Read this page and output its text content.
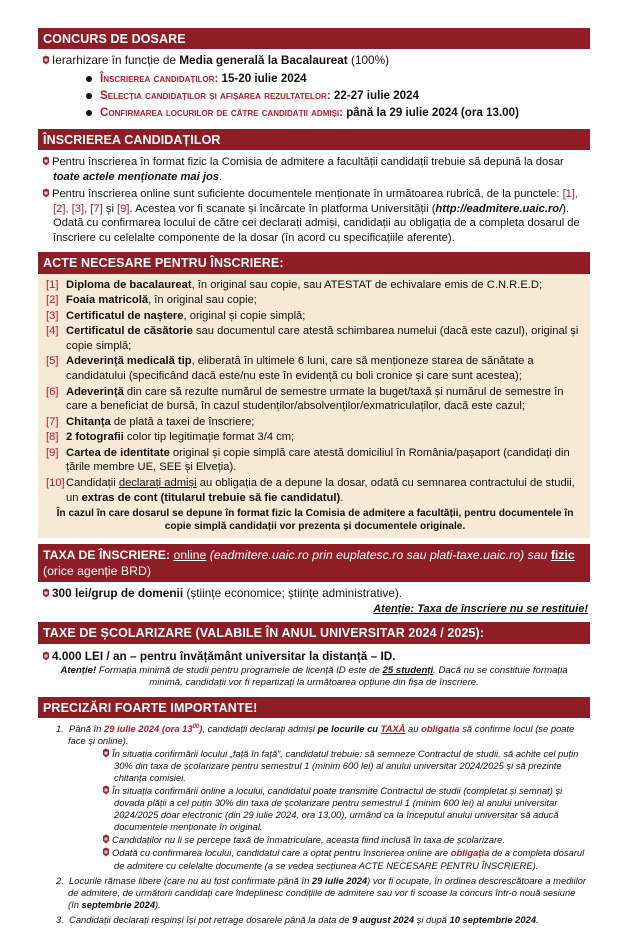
CONCURS DE DOSARE
Ierarhizare în funcție de Media generală la Bacalaureat (100%)
Înscrierea candidaților: 15-20 iulie 2024
Selecția candidaților și afișarea rezultatelor: 22-27 iulie 2024
Confirmarea locurilor de către candidații admiși: până la 29 iulie 2024 (ora 13.00)
ÎNSCRIEREA CANDIDAȚILOR
Pentru înscrierea în format fizic la Comisia de admitere a facultății candidații trebuie să depună la dosar toate actele menționate mai jos.
Pentru înscrierea online sunt suficiente documentele menționate în următoarea rubrică, de la punctele: [1], [2], [3], [7] și [9]. Acestea vor fi scanate și încărcate în platforma Universității (http://eadmitere.uaic.ro/). Odată cu confirmarea locului de către cei declarați admiși, candidații au obligația de a completa dosarul de înscriere cu celelalte componente de la dosar (în acord cu specificațiile aferente).
ACTE NECESARE PENTRU ÎNSCRIERE:
[1] Diploma de bacalaureat, în original sau copie, sau ATESTAT de echivalare emis de C.N.R.E.D;
[2] Foaia matricolă, în original sau copie;
[3] Certificatul de naștere, original și copie simplă;
[4] Certificatul de căsătorie sau documentul care atestă schimbarea numelui (dacă este cazul), original și copie simplă;
[5] Adeverință medicală tip, eliberată în ultimele 6 luni, care să menționeze starea de sănătate a candidatului (specificând dacă este/nu este în evidență cu boli cronice și care sunt acestea);
[6] Adeverință din care să rezulte numărul de semestre urmate la buget/taxă și numărul de semestre în care a beneficiat de bursă, în cazul studenților/absolvenților/exmatriculaților, dacă este cazul;
[7] Chitanța de plată a taxei de înscriere;
[8] 2 fotografii color tip legitimație format 3/4 cm;
[9] Cartea de identitate original și copie simplă care atestă domiciliul în România/pașaport (candidați din țările membre UE, SEE și Elveția).
[10] Candidații declarați admiși au obligația de a depune la dosar, odată cu semnarea contractului de studii, un extras de cont (titularul trebuie să fie candidatul).
În cazul în care dosarul se depune în format fizic la Comisia de admitere a facultății, pentru documentele în copie simplă candidații vor prezenta și documentele originale.
TAXA DE ÎNSCRIERE: online (eadmitere.uaic.ro prin euplatesc.ro sau plati-taxe.uaic.ro) sau fizic
(orice agenție BRD)
300 lei/grup de domenii (științe economice; științe administrative).
Atenție: Taxa de înscriere nu se restituie!
TAXE DE ȘCOLARIZARE (VALABILE ÎN ANUL UNIVERSITAR 2024 / 2025):
4.000 LEI / an – pentru învățământ universitar la distanță – ID.
Atenție! Formația minimă de studii pentru programele de licență ID este de 25 studenți. Dacă nu se constituie formația minimă, candidații vor fi repartizați la următoarea opțiune din fișa de înscriere.
PRECIZĂRI FOARTE IMPORTANTE!
1. Până în 29 iulie 2024 (ora $13^{00}$), candidații declarați admiși pe locurile cu TAXĂ au obligația să confirme locul (se poate face și online).
În situația confirmării locului „față în față”, candidatul trebuie: să semneze Contractul de studii, să achite cel puțin 30% din taxa de școlarizare pentru semestrul 1 (minim 600 lei) al anului universitar 2024/2025 și să prezinte chitanța comisiei.
În situația confirmării online a locului, candidatul poate transmite Contractul de studii (completat și semnat) și dovada plății a cel puțin 30% din taxa de școlarizare pentru semestrul 1 (minim 600 lei) al anului universitar 2024/2025 doar electronic (din 29 iulie 2024, ora 13.00), urmând ca la începutul anului universitar să aducă documentele menționate în original.
Candidaților nu li se percepe taxă de înmatriculare, aceasta fiind inclusă în taxa de școlarizare.
Odată cu confirmarea locului, candidatul care a optat pentru înscrierea online are obligația de a completa dosarul de admitere cu celelalte documente (a se vedea secțiunea ACTE NECESARE PENTRU ÎNSCRIERE).
2. Locurile rămase libere (care nu au fost confirmate până în 29 iulie 2024) vor fi ocupate, în ordinea descrescătoare a mediilor de admitere, de următorii candidați care îndeplinesc condițiile de admitere sau vor fi scoase la concurs într-o nouă sesiune (în septembrie 2024).
3. Candidații declarați respinși își pot retrage dosarele până la data de 9 august 2024 și după 10 septembrie 2024.
